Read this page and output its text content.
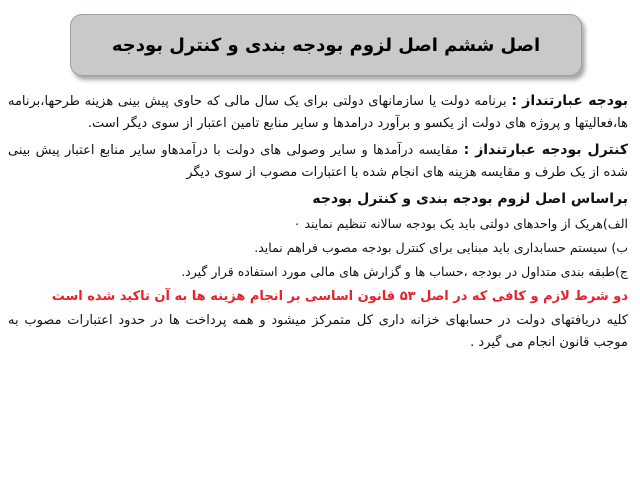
اصل ششم اصل لزوم بودجه بندی و کنترل بودجه

بودجه عبارتنداز : برنامه دولت یا سازمانهای دولتی برای یک سال مالی که حاوی پیش بینی هزینه طرحها،برنامه ها،فعالیتها و پروژه های دولت از یکسو و برآورد درامدها و سایر منابع تامین اعتبار از سوی دیگر است.

کنترل بودجه عبارتنداز : مقایسه درآمدها و سایر وصولی های دولت با درآمدهاو سایر منابع اعتبار پیش بینی شده از یک طرف و مقایسه هزینه های انجام شده با اعتبارات مصوب از سوی دیگر

براساس اصل لزوم بودجه بندی و کنترل بودجه

الف)هریک از واحدهای دولتی باید یک بودجه سالانه تنظیم نمایند ۰

ب) سیستم حسابداری باید مبنایی برای کنترل بودجه مصوب فراهم نماید.

ج)طبقه بندی متداول در بودجه ،حساب ها و گزارش های مالی مورد استفاده قرار گیرد.

دو شرط لازم و کافی که در اصل ۵۳ قانون اساسی بر انجام هزینه ها به آن تاکید شده است

کلیه دریافتهای دولت در حسابهای خزانه داری کل متمرکز میشود و همه پرداخت ها در حدود اعتبارات مصوب به موجب قانون انجام می گیرد .
